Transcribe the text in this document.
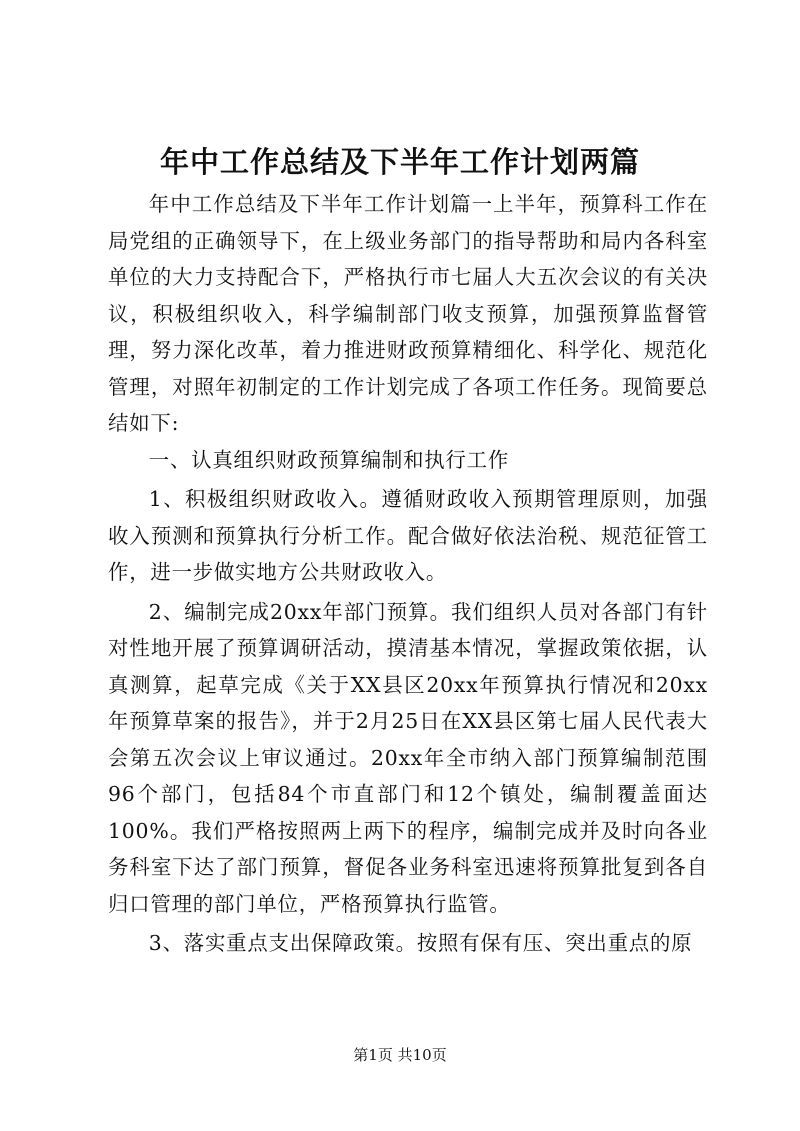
年中工作总结及下半年工作计划两篇

年中工作总结及下半年工作计划篇一上半年，预算科工作在局党组的正确领导下，在上级业务部门的指导帮助和局内各科室单位的大力支持配合下，严格执行市七届人大五次会议的有关决议，积极组织收入，科学编制部门收支预算，加强预算监督管理，努力深化改革，着力推进财政预算精细化、科学化、规范化管理，对照年初制定的工作计划完成了各项工作任务。现简要总结如下:

一、认真组织财政预算编制和执行工作

1、积极组织财政收入。遵循财政收入预期管理原则，加强收入预测和预算执行分析工作。配合做好依法治税、规范征管工作，进一步做实地方公共财政收入。

2、编制完成20xx年部门预算。我们组织人员对各部门有针对性地开展了预算调研活动，摸清基本情况，掌握政策依据，认真测算，起草完成《关于XX县区20xx年预算执行情况和20xx年预算草案的报告》，并于2月25日在XX县区第七届人民代表大会第五次会议上审议通过。20xx年全市纳入部门预算编制范围96个部门，包括84个市直部门和12个镇处，编制覆盖面达100%。我们严格按照两上两下的程序，编制完成并及时向各业务科室下达了部门预算，督促各业务科室迅速将预算批复到各自归口管理的部门单位，严格预算执行监管。

3、落实重点支出保障政策。按照有保有压、突出重点的原

第1页 共10页
